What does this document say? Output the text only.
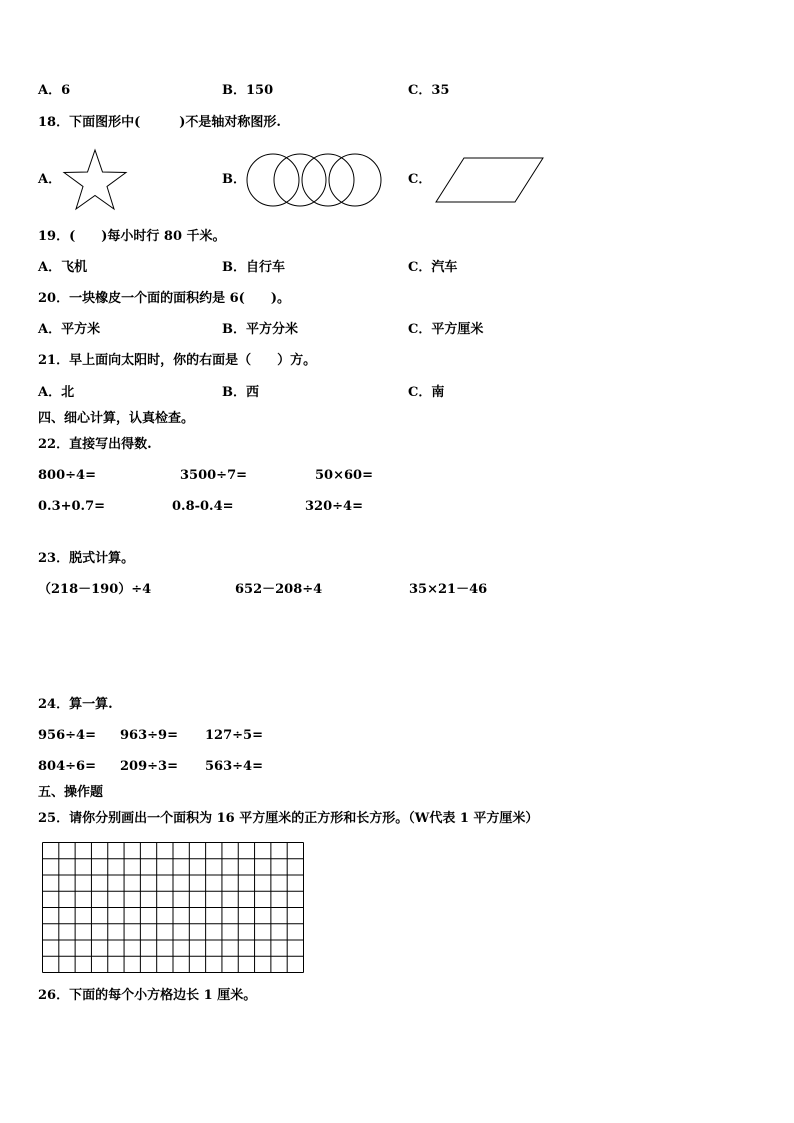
A．6	B．150	C．35
18．下面图形中(　　　)不是轴对称图形.
A．	B．	C．
19．(　　)每小时行 80 千米。
A．飞机	B．自行车	C．汽车
20．一块橡皮一个面的面积约是 6(　　)。
A．平方米	B．平方分米	C．平方厘米
21．早上面向太阳时，你的右面是（　　）方。
A．北	B．西	C．南
四、细心计算，认真检查。
22．直接写出得数.
800÷4=	3500÷7=	50×60=
0.3+0.7=	0.8-0.4=	320÷4=
23．脱式计算。
（218－190）÷4	652－208÷4	35×21－46
24．算一算.
956÷4= 963÷9= 127÷5=
804÷6= 209÷3= 563÷4=
五、操作题
25．请你分别画出一个面积为 16 平方厘米的正方形和长方形。（W代表 1 平方厘米）
26．下面的每个小方格边长 1 厘米。
